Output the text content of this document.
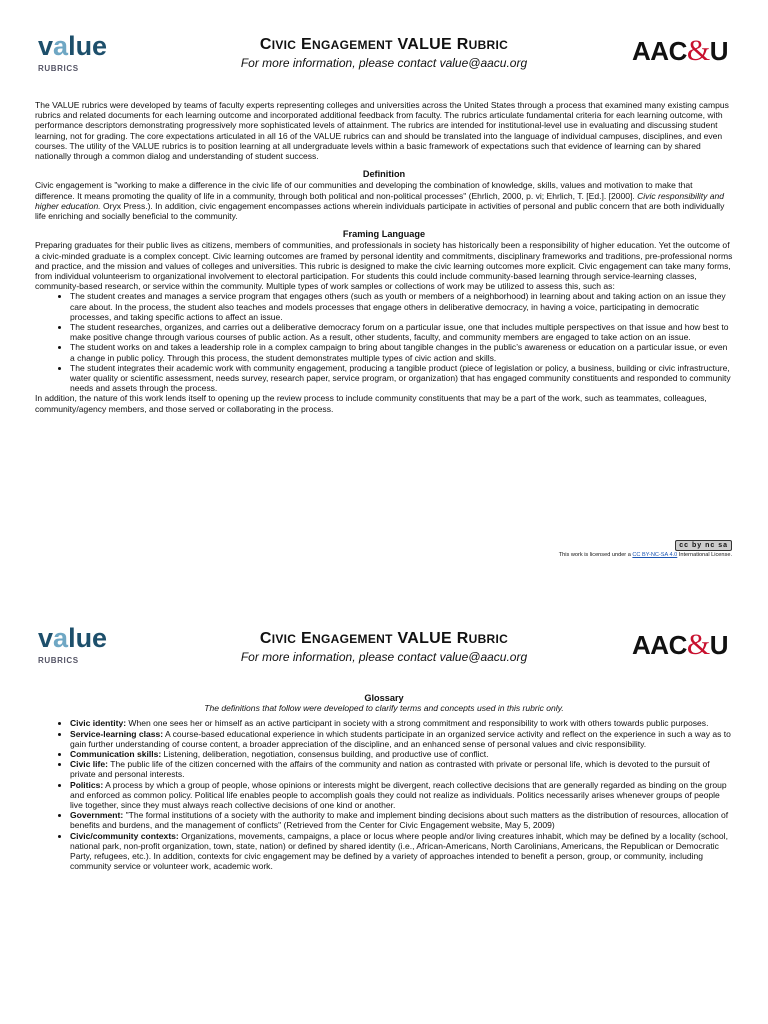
value
RUBRICS
CIVIC ENGAGEMENT VALUE RUBRIC
For more information, please contact value@aacu.org	AAC&U

The VALUE rubrics were developed by teams of faculty experts representing colleges and universities across the United States through a process that examined many existing campus rubrics and related documents for each learning outcome and incorporated additional feedback from faculty. The rubrics articulate fundamental criteria for each learning outcome, with performance descriptors demonstrating progressively more sophisticated levels of attainment. The rubrics are intended for institutional-level use in evaluating and discussing student learning, not for grading. The core expectations articulated in all 16 of the VALUE rubrics can and should be translated into the language of individual campuses, disciplines, and even courses. The utility of the VALUE rubrics is to position learning at all undergraduate levels within a basic framework of expectations such that evidence of learning can by shared nationally through a common dialog and understanding of student success.

Definition

Civic engagement is "working to make a difference in the civic life of our communities and developing the combination of knowledge, skills, values and motivation to make that difference. It means promoting the quality of life in a community, through both political and non-political processes" (Ehrlich, 2000, p. vi; Ehrlich, T. [Ed.]. [2000]. Civic responsibility and higher education. Oryx Press.). In addition, civic engagement encompasses actions wherein individuals participate in activities of personal and public concern that are both individually life enriching and socially beneficial to the community.

Framing Language

Preparing graduates for their public lives as citizens, members of communities, and professionals in society has historically been a responsibility of higher education. Yet the outcome of a civic-minded graduate is a complex concept. Civic learning outcomes are framed by personal identity and commitments, disciplinary frameworks and traditions, pre-professional norms and practice, and the mission and values of colleges and universities. This rubric is designed to make the civic learning outcomes more explicit. Civic engagement can take many forms, from individual volunteerism to organizational involvement to electoral participation. For students this could include community-based learning through service-learning classes, community-based research, or service within the community. Multiple types of work samples or collections of work may be utilized to assess this, such as:

• The student creates and manages a service program that engages others (such as youth or members of a neighborhood) in learning about and taking action on an issue they care about. In the process, the student also teaches and models processes that engage others in deliberative democracy, in having a voice, participating in democratic processes, and taking specific actions to affect an issue.
• The student researches, organizes, and carries out a deliberative democracy forum on a particular issue, one that includes multiple perspectives on that issue and how best to make positive change through various courses of public action. As a result, other students, faculty, and community members are engaged to take action on an issue.
• The student works on and takes a leadership role in a complex campaign to bring about tangible changes in the public’s awareness or education on a particular issue, or even a change in public policy. Through this process, the student demonstrates multiple types of civic action and skills.
• The student integrates their academic work with community engagement, producing a tangible product (piece of legislation or policy, a business, building or civic infrastructure, water quality or scientific assessment, needs survey, research paper, service program, or organization) that has engaged community constituents and responded to community needs and assets through the process.

In addition, the nature of this work lends itself to opening up the review process to include community constituents that may be a part of the work, such as teammates, colleagues, community/agency members, and those served or collaborating in the process.

cc by nc sa
This work is licensed under a CC BY-NC-SA 4.0 International License.
value
RUBRICS
CIVIC ENGAGEMENT VALUE RUBRIC
For more information, please contact value@aacu.org	AAC&U
Glossary
The definitions that follow were developed to clarify terms and concepts used in this rubric only.
• Civic identity: When one sees her or himself as an active participant in society with a strong commitment and responsibility to work with others towards public purposes.
• Service-learning class: A course-based educational experience in which students participate in an organized service activity and reflect on the experience in such a way as to gain further understanding of course content, a broader appreciation of the discipline, and an enhanced sense of personal values and civic responsibility.
• Communication skills: Listening, deliberation, negotiation, consensus building, and productive use of conflict.
• Civic life: The public life of the citizen concerned with the affairs of the community and nation as contrasted with private or personal life, which is devoted to the pursuit of private and personal interests.
• Politics: A process by which a group of people, whose opinions or interests might be divergent, reach collective decisions that are generally regarded as binding on the group and enforced as common policy. Political life enables people to accomplish goals they could not realize as individuals. Politics necessarily arises whenever groups of people live together, since they must always reach collective decisions of one kind or another.
• Government: "The formal institutions of a society with the authority to make and implement binding decisions about such matters as the distribution of resources, allocation of benefits and burdens, and the management of conflicts" (Retrieved from the Center for Civic Engagement website, May 5, 2009)
• Civic/community contexts: Organizations, movements, campaigns, a place or locus where people and/or living creatures inhabit, which may be defined by a locality (school, national park, non-profit organization, town, state, nation) or defined by shared identity (i.e., African-Americans, North Carolinians, Americans, the Republican or Democratic Party, refugees, etc.). In addition, contexts for civic engagement may be defined by a variety of approaches intended to benefit a person, group, or community, including community service or volunteer work, academic work.
